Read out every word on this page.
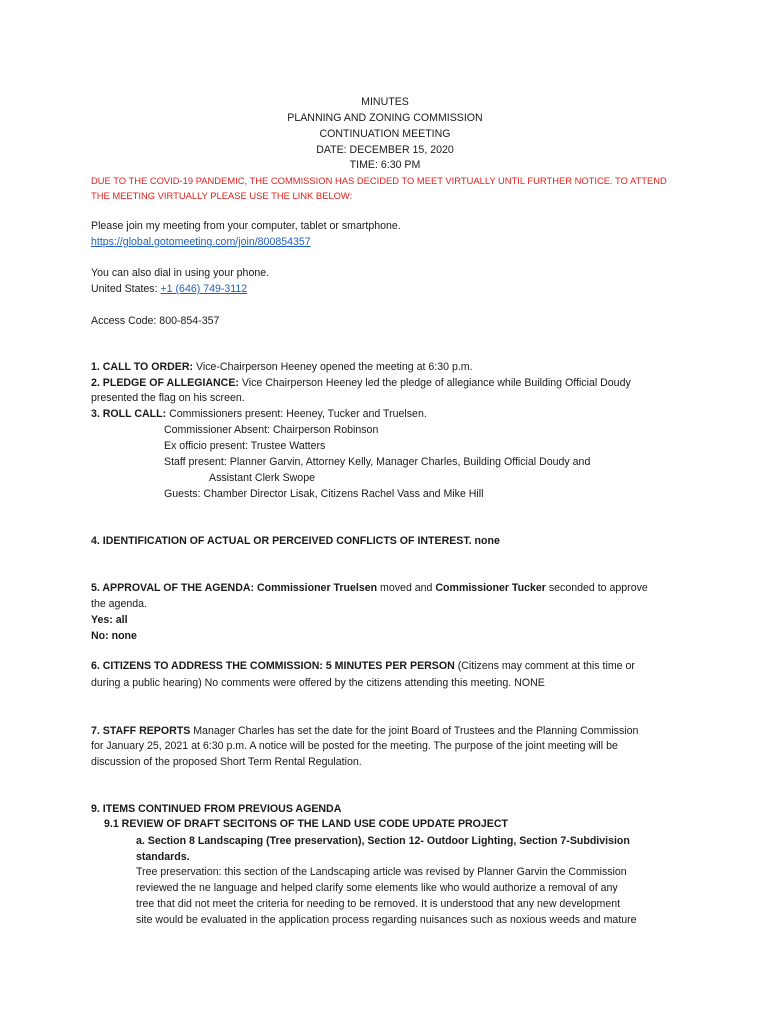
MINUTES
PLANNING AND ZONING COMMISSION
CONTINUATION MEETING
DATE: DECEMBER 15, 2020
TIME: 6:30 PM
DUE TO THE COVID-19 PANDEMIC, THE COMMISSION HAS DECIDED TO MEET VIRTUALLY UNTIL FURTHER NOTICE. TO ATTEND
THE MEETING VIRTUALLY PLEASE USE THE LINK BELOW:
Please join my meeting from your computer, tablet or smartphone.
https://global.gotomeeting.com/join/800854357
You can also dial in using your phone.
United States: +1 (646) 749-3112
Access Code: 800-854-357
1. CALL TO ORDER: Vice-Chairperson Heeney opened the meeting at 6:30 p.m.
2. PLEDGE OF ALLEGIANCE: Vice Chairperson Heeney led the pledge of allegiance while Building Official Doudy
presented the flag on his screen.
3. ROLL CALL: Commissioners present: Heeney, Tucker and Truelsen.
Commissioner Absent: Chairperson Robinson
Ex officio present: Trustee Watters
Staff present: Planner Garvin, Attorney Kelly, Manager Charles, Building Official Doudy and
Assistant Clerk Swope
Guests: Chamber Director Lisak, Citizens Rachel Vass and Mike Hill
4. IDENTIFICATION OF ACTUAL OR PERCEIVED CONFLICTS OF INTEREST. none
5. APPROVAL OF THE AGENDA: Commissioner Truelsen moved and Commissioner Tucker seconded to approve
the agenda.
Yes: all
No: none
6. CITIZENS TO ADDRESS THE COMMISSION: 5 MINUTES PER PERSON (Citizens may comment at this time or
during a public hearing) No comments were offered by the citizens attending this meeting. NONE
7. STAFF REPORTS Manager Charles has set the date for the joint Board of Trustees and the Planning Commission
for January 25, 2021 at 6:30 p.m. A notice will be posted for the meeting. The purpose of the joint meeting will be
discussion of the proposed Short Term Rental Regulation.
9. ITEMS CONTINUED FROM PREVIOUS AGENDA
9.1 REVIEW OF DRAFT SECITONS OF THE LAND USE CODE UPDATE PROJECT
a. Section 8 Landscaping (Tree preservation), Section 12- Outdoor Lighting, Section 7-Subdivision
standards.
Tree preservation: this section of the Landscaping article was revised by Planner Garvin the Commission
reviewed the ne language and helped clarify some elements like who would authorize a removal of any
tree that did not meet the criteria for needing to be removed. It is understood that any new development
site would be evaluated in the application process regarding nuisances such as noxious weeds and mature
